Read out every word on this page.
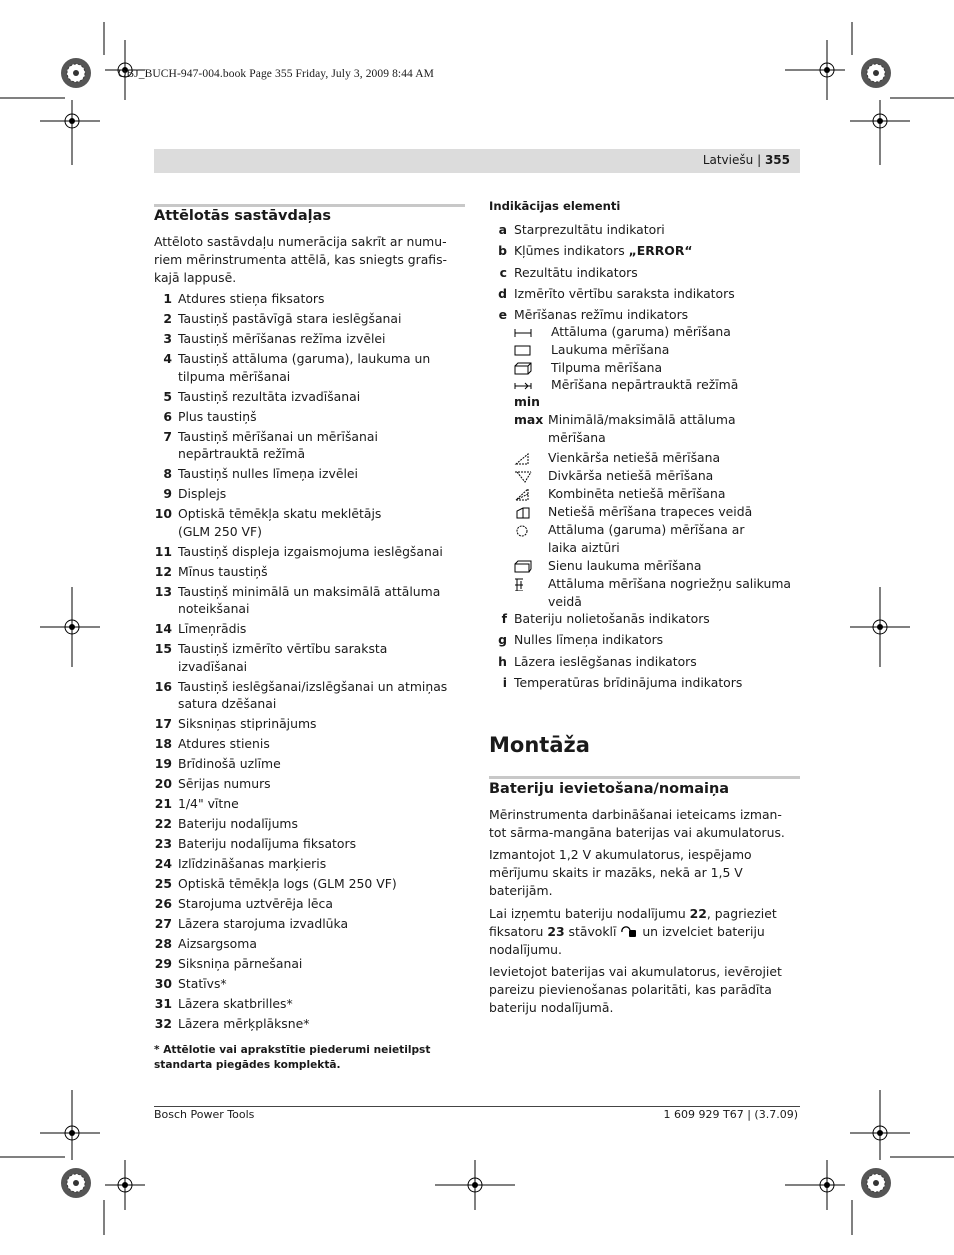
OBJ_BUCH-947-004.book Page 355 Friday, July 3, 2009 8:44 AM
Latviešu | 355
Attēlotās sastāvdaļas
Attēloto sastāvdaļu numerācija sakrīt ar numu-
riem mērinstrumenta attēlā, kas sniegts grafis-
kajā lappusē.
1 Atdures stieņa fiksators
2 Taustiņš pastāvīgā stara ieslēgšanai
3 Taustiņš mērīšanas režīma izvēlei
4 Taustiņš attāluma (garuma), laukuma un
tilpuma mērīšanai
5 Taustiņš rezultāta izvadīšanai
6 Plus taustiņš
7 Taustiņš mērīšanai un mērīšanai
nepārtrauktā režīmā
8 Taustiņš nulles līmeņa izvēlei
9 Displejs
10 Optiskā tēmēkļa skatu meklētājs
(GLM 250 VF)
11 Taustiņš displeja izgaismojuma ieslēgšanai
12 Mīnus taustiņš
13 Taustiņš minimālā un maksimālā attāluma
noteikšanai
14 Līmeņrādis
15 Taustiņš izmērīto vērtību saraksta
izvadīšanai
16 Taustiņš ieslēgšanai/izslēgšanai un atmiņas
satura dzēšanai
17 Siksniņas stiprinājums
18 Atdures stienis
19 Brīdinošā uzlīme
20 Sērijas numurs
21 1/4" vītne
22 Bateriju nodalījums
23 Bateriju nodalījuma fiksators
24 Izlīdzināšanas marķieris
25 Optiskā tēmēkļa logs (GLM 250 VF)
26 Starojuma uztvērēja lēca
27 Lāzera starojuma izvadlūka
28 Aizsargsoma
29 Siksniņa pārnešanai
30 Statīvs*
31 Lāzera skatbrilles*
32 Lāzera mērķplāksne*
* Attēlotie vai aprakstītie piederumi neietilpst
standarta piegādes komplektā.
Indikācijas elementi
a Starprezultātu indikatori
b Kļūmes indikators „ERROR“
c Rezultātu indikators
d Izmērīto vērtību saraksta indikators
e Mērīšanas režīmu indikators
Attāluma (garuma) mērīšana
Laukuma mērīšana
Tilpuma mērīšana
Mērīšana nepārtrauktā režīmā
min
max Minimālā/maksimālā attāluma
mērīšana
Vienkārša netiešā mērīšana
Divkārša netiešā mērīšana
Kombinēta netiešā mērīšana
Netiešā mērīšana trapeces veidā
Attāluma (garuma) mērīšana ar
laika aiztūri
Sienu laukuma mērīšana
Attāluma mērīšana nogriežņu salikuma
veidā
f Bateriju nolietošanās indikators
g Nulles līmeņa indikators
h Lāzera ieslēgšanas indikators
i Temperatūras brīdinājuma indikators
Montāža
Bateriju ievietošana/nomaiņa
Mērinstrumenta darbināšanai ieteicams izman-
tot sārma-mangāna baterijas vai akumulatorus.
Izmantojot 1,2 V akumulatorus, iespējamo
mērījumu skaits ir mazāks, nekā ar 1,5 V
baterijām.
Lai izņemtu bateriju nodalījumu 22, pagrieziet
fiksatoru 23 stāvoklī  un izvelciet bateriju
nodalījumu.
Ievietojot baterijas vai akumulatorus, ievērojiet
pareizu pievienošanas polaritāti, kas parādīta
bateriju nodalījumā.
Bosch Power Tools	1 609 929 T67 | (3.7.09)
